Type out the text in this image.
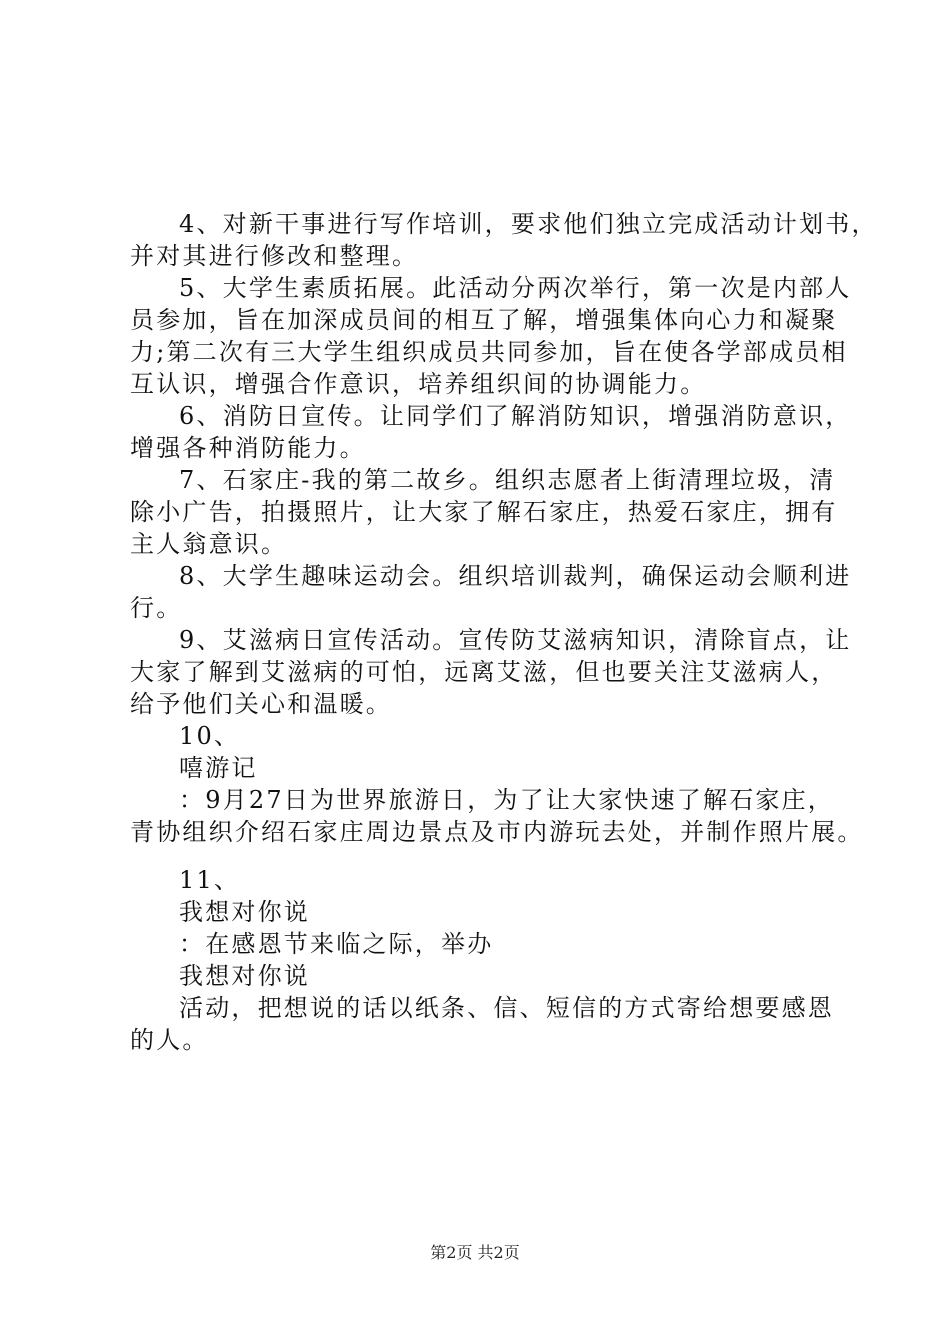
4、对新干事进行写作培训，要求他们独立完成活动计划书，

并对其进行修改和整理。

5、大学生素质拓展。此活动分两次举行，第一次是内部人

员参加，旨在加深成员间的相互了解，增强集体向心力和凝聚

力;第二次有三大学生组织成员共同参加，旨在使各学部成员相

互认识，增强合作意识，培养组织间的协调能力。

6、消防日宣传。让同学们了解消防知识，增强消防意识，

增强各种消防能力。

7、石家庄-我的第二故乡。组织志愿者上街清理垃圾，清

除小广告，拍摄照片，让大家了解石家庄，热爱石家庄，拥有

主人翁意识。

8、大学生趣味运动会。组织培训裁判，确保运动会顺利进

行。

9、艾滋病日宣传活动。宣传防艾滋病知识，清除盲点，让

大家了解到艾滋病的可怕，远离艾滋，但也要关注艾滋病人，

给予他们关心和温暖。

10、

嘻游记

：9月27日为世界旅游日，为了让大家快速了解石家庄，

青协组织介绍石家庄周边景点及市内游玩去处，并制作照片展。

11、

我想对你说

：在感恩节来临之际，举办

我想对你说

活动，把想说的话以纸条、信、短信的方式寄给想要感恩

的人。

第2页 共2页
